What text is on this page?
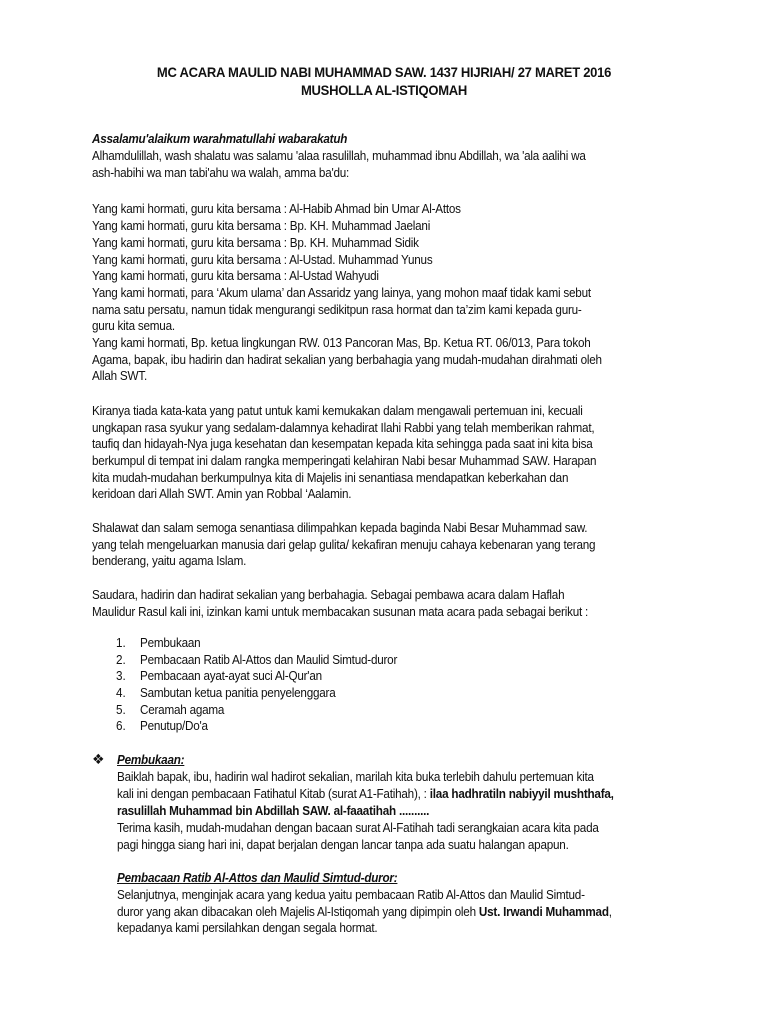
MC ACARA MAULID NABI MUHAMMAD SAW. 1437 HIJRIAH/ 27 MARET 2016
MUSHOLLA AL-ISTIQOMAH
Assalamu'alaikum warahmatullahi wabarakatuh
Alhamdulillah, wash shalatu was salamu 'alaa rasulillah, muhammad ibnu Abdillah, wa 'ala aalihi wa
ash-habihi wa man tabi'ahu wa walah, amma ba'du:
Yang kami hormati, guru kita bersama : Al-Habib Ahmad bin Umar Al-Attos
Yang kami hormati, guru kita bersama : Bp. KH. Muhammad Jaelani
Yang kami hormati, guru kita bersama : Bp. KH. Muhammad Sidik
Yang kami hormati, guru kita bersama : Al-Ustad. Muhammad Yunus
Yang kami hormati, guru kita bersama : Al-Ustad Wahyudi
Yang kami hormati, para ‘Akum ulama’ dan Assaridz yang lainya, yang mohon maaf tidak kami sebut
nama satu persatu, namun tidak mengurangi sedikitpun rasa hormat dan ta’zim kami kepada guru-
guru kita semua.
Yang kami hormati, Bp. ketua lingkungan RW. 013 Pancoran Mas, Bp. Ketua RT. 06/013, Para tokoh
Agama, bapak, ibu hadirin dan hadirat sekalian yang berbahagia yang mudah-mudahan dirahmati oleh
Allah SWT.
Kiranya tiada kata-kata yang patut untuk kami kemukakan dalam mengawali pertemuan ini, kecuali
ungkapan rasa syukur yang sedalam-dalamnya kehadirat Ilahi Rabbi yang telah memberikan rahmat,
taufiq dan hidayah-Nya juga kesehatan dan kesempatan kepada kita sehingga pada saat ini kita bisa
berkumpul di tempat ini dalam rangka memperingati kelahiran Nabi besar Muhammad SAW. Harapan
kita mudah-mudahan berkumpulnya kita di Majelis ini senantiasa mendapatkan keberkahan dan
keridoan dari Allah SWT. Amin yan Robbal ‘Aalamin.
Shalawat dan salam semoga senantiasa dilimpahkan kepada baginda Nabi Besar Muhammad saw.
yang telah mengeluarkan manusia dari gelap gulita/ kekafiran menuju cahaya kebenaran yang terang
benderang, yaitu agama Islam.
Saudara, hadirin dan hadirat sekalian yang berbahagia. Sebagai pembawa acara dalam Haflah
Maulidur Rasul kali ini, izinkan kami untuk membacakan susunan mata acara pada sebagai berikut :
1. Pembukaan
2. Pembacaan Ratib Al-Attos dan Maulid Simtud-duror
3. Pembacaan ayat-ayat suci Al-Qur'an
4. Sambutan ketua panitia penyelenggara
5. Ceramah agama
6. Penutup/Do'a
❖ Pembukaan:
Baiklah bapak, ibu, hadirin wal hadirot sekalian, marilah kita buka terlebih dahulu pertemuan kita
kali ini dengan pembacaan Fatihatul Kitab (surat A1-Fatihah), : ilaa hadhratiln nabiyyil mushthafa,
rasulillah Muhammad bin Abdillah SAW. al-faaatihah ..........
Terima kasih, mudah-mudahan dengan bacaan surat Al-Fatihah tadi serangkaian acara kita pada
pagi hingga siang hari ini, dapat berjalan dengan lancar tanpa ada suatu halangan apapun.
Pembacaan Ratib Al-Attos dan Maulid Simtud-duror:
Selanjutnya, menginjak acara yang kedua yaitu pembacaan Ratib Al-Attos dan Maulid Simtud-
duror yang akan dibacakan oleh Majelis Al-Istiqomah yang dipimpin oleh Ust. Irwandi Muhammad,
kepadanya kami persilahkan dengan segala hormat.
